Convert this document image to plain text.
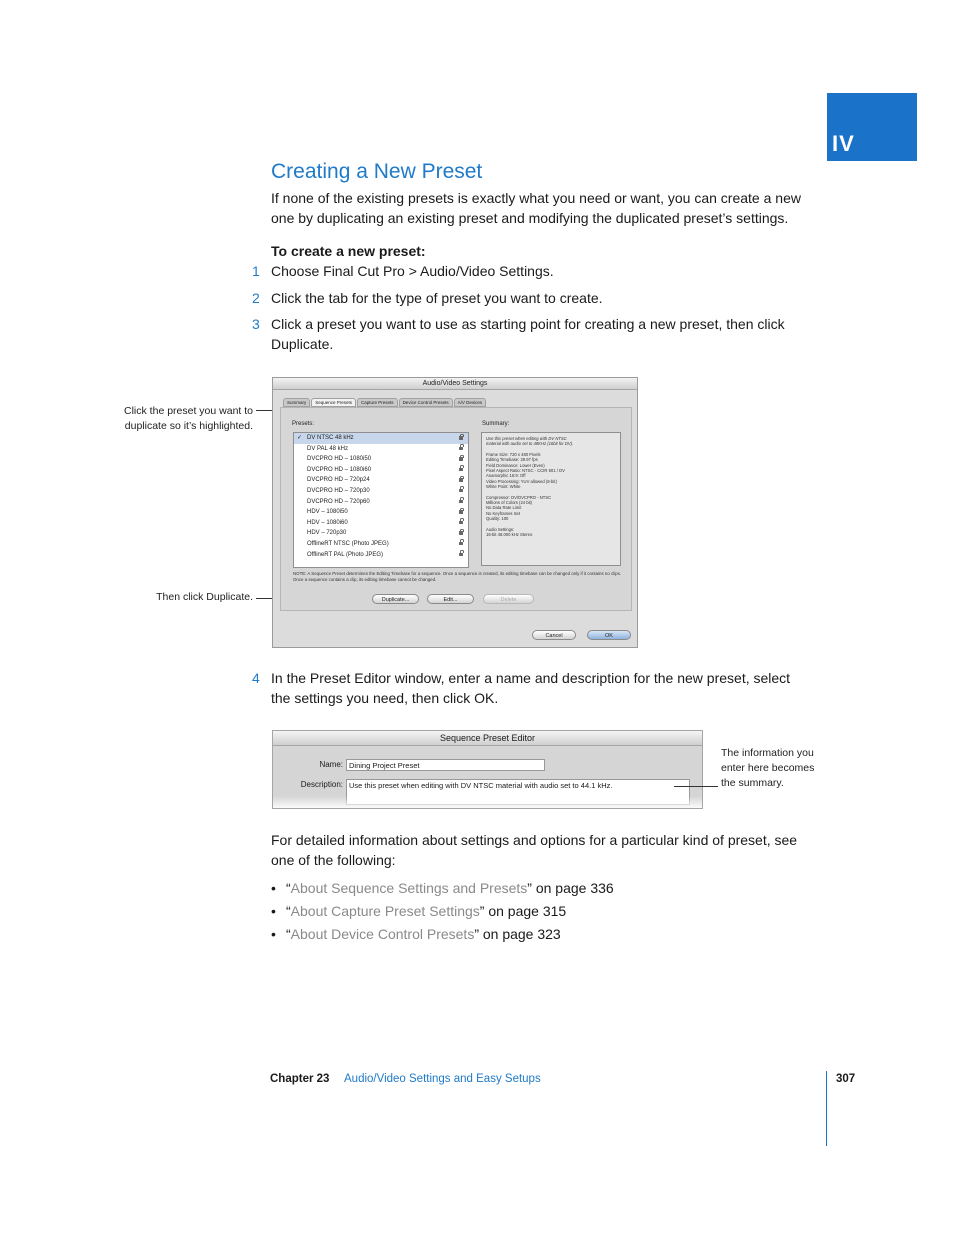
IV
Creating a New Preset
If none of the existing presets is exactly what you need or want, you can create a new one by duplicating an existing preset and modifying the duplicated preset’s settings.
To create a new preset:
1 Choose Final Cut Pro > Audio/Video Settings.
2 Click the tab for the type of preset you want to create.
3 Click a preset you want to use as starting point for creating a new preset, then click Duplicate.
Click the preset you want to duplicate so it’s highlighted.
Then click Duplicate.
Audio/Video Settings
Summary	Sequence Presets	Capture Presets	Device Control Presets	A/V Devices
Presets:	Summary:
✓ DV NTSC 48 kHz
DV PAL 48 kHz
DVCPRO HD – 1080i50
DVCPRO HD – 1080i60
DVCPRO HD – 720p24
DVCPRO HD – 720p30
DVCPRO HD – 720p60
HDV – 1080i50
HDV – 1080i60
HDV – 720p30
OfflineRT NTSC (Photo JPEG)
OfflineRT PAL (Photo JPEG)
Use this preset when editing with DV NTSC
material with audio set to 48KHz (16bit for DV).
Frame Size: 720 x 480 Pixels
Editing Timebase: 29.97 fps
Field Dominance: Lower (Even)
Pixel Aspect Ratio: NTSC - CCIR 601 / DV
Anamorphic 16:9: Off
Video Processing: YUV allowed (8-bit)
White Point: White
Compressor: DV/DVCPRO - NTSC
Millions of Colors (24 bit)
No Data Rate Limit
No Keyframes Set
Quality: 100
Audio Settings:
16-bit 48.000 kHz Stereo
NOTE: A Sequence Preset determines the Editing Timebase for a sequence. Once a sequence is created, its editing timebase can be changed only if it contains no clips. Once a sequence contains a clip, its editing timebase cannot be changed.
Duplicate...	Edit...	Delete
Cancel	OK
4 In the Preset Editor window, enter a name and description for the new preset, select the settings you need, then click OK.
Sequence Preset Editor
Name: Dining Project Preset
Description: Use this preset when editing with DV NTSC material with audio set to 44.1 kHz.
The information you enter here becomes the summary.
For detailed information about settings and options for a particular kind of preset, see one of the following:
• “About Sequence Settings and Presets” on page 336
• “About Capture Preset Settings” on page 315
• “About Device Control Presets” on page 323
Chapter 23 Audio/Video Settings and Easy Setups	307
